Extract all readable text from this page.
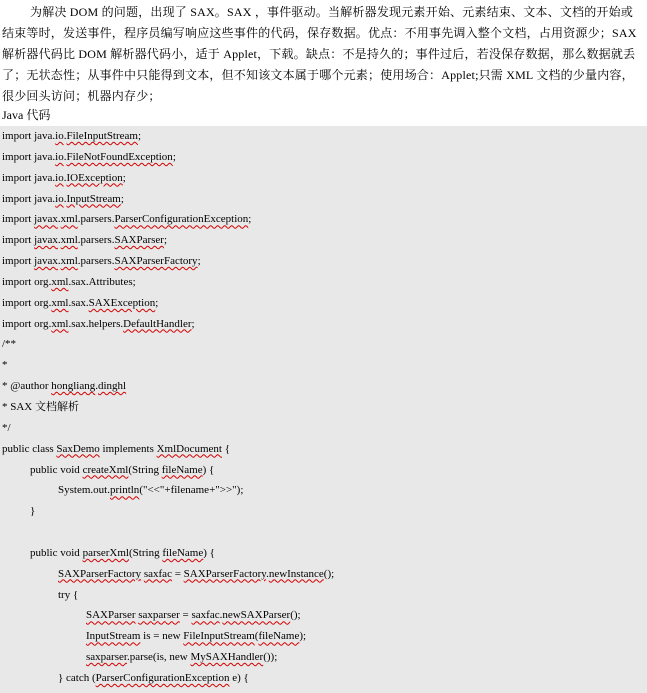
为解决 DOM 的问题，出现了 SAX。SAX ，事件驱动。当解析器发现元素开始、元素结束、文本、文档的开始或结束等时，发送事件，程序员编写响应这些事件的代码，保存数据。优点：不用事先调入整个文档，占用资源少；SAX 解析器代码比 DOM 解析器代码小，适于 Applet，下载。缺点：不是持久的；事件过后，若没保存数据，那么数据就丢了；无状态性；从事件中只能得到文本，但不知该文本属于哪个元素；使用场合：Applet;只需 XML 文档的少量内容，很少回头访问；机器内存少；
Java 代码
import java.io.FileInputStream;
import java.io.FileNotFoundException;
import java.io.IOException;
import java.io.InputStream;
import javax.xml.parsers.ParserConfigurationException;
import javax.xml.parsers.SAXParser;
import javax.xml.parsers.SAXParserFactory;
import org.xml.sax.Attributes;
import org.xml.sax.SAXException;
import org.xml.sax.helpers.DefaultHandler;
/**
*
* @author hongliang.dinghl
* SAX 文档解析
*/
public class SaxDemo implements XmlDocument {
public void createXml(String fileName) {
System.out.println("<<"+filename+">>");
}

public void parserXml(String fileName) {
SAXParserFactory saxfac = SAXParserFactory.newInstance();
try {
SAXParser saxparser = saxfac.newSAXParser();
InputStream is = new FileInputStream(fileName);
saxparser.parse(is, new MySAXHandler());
} catch (ParserConfigurationException e) {
